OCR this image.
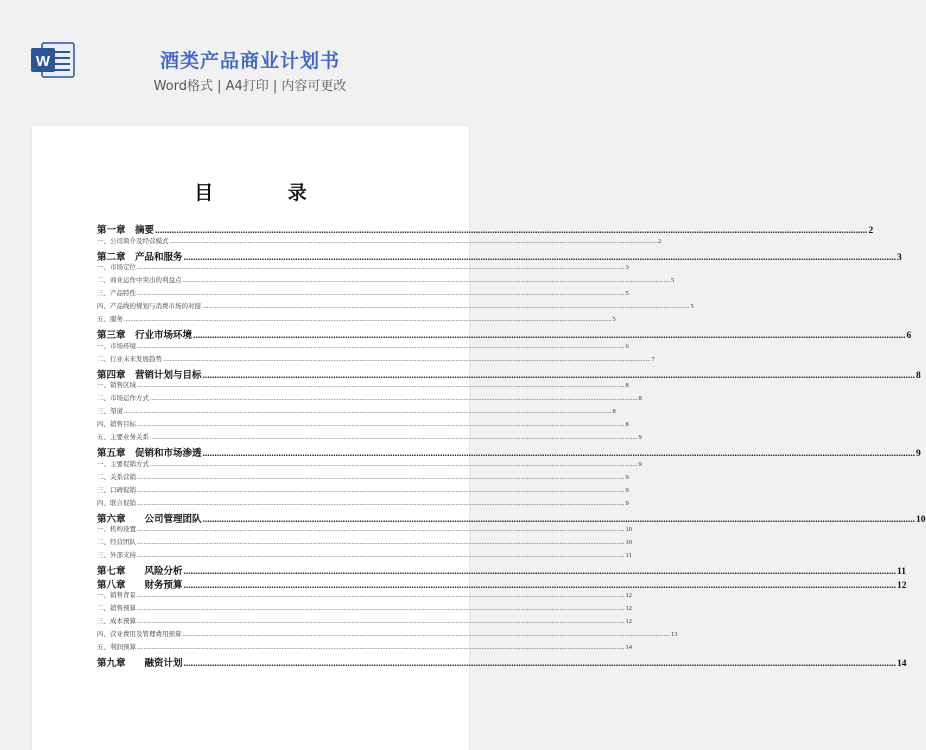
W	酒类产品商业计划书
Word格式 | A4打印 | 内容可更改
目 录
第一章　摘要 ............................................................................................................................................................................................................................................................................................................ 2
一、公司简介及经营模式 ............................................................................................................................................................................................................................................................................................................ 2
第二章　产品和服务 ............................................................................................................................................................................................................................................................................................................ 3
一、市场定位 ............................................................................................................................................................................................................................................................................................................ 3
二、商业运作中突出的利益点 ............................................................................................................................................................................................................................................................................................................ 5
三、产品特性 ............................................................................................................................................................................................................................................................................................................ 5
四、产品线的规划与消费市场的对接 ............................................................................................................................................................................................................................................................................................................ 5
五、服务 ............................................................................................................................................................................................................................................................................................................ 5
第三章　行业市场环境 ............................................................................................................................................................................................................................................................................................................ 6
一、市场环境 ............................................................................................................................................................................................................................................................................................................ 6
二、行业未来发展趋势 ............................................................................................................................................................................................................................................................................................................ 7
第四章　营销计划与目标 ............................................................................................................................................................................................................................................................................................................ 8
一、销售区域 ............................................................................................................................................................................................................................................................................................................ 8
二、市场运作方式 ............................................................................................................................................................................................................................................................................................................ 8
三、渠道 ............................................................................................................................................................................................................................................................................................................ 8
四、销售目标 ............................................................................................................................................................................................................................................................................................................ 8
五、主要业务关系 ............................................................................................................................................................................................................................................................................................................ 9
第五章　促销和市场渗透 ............................................................................................................................................................................................................................................................................................................ 9
一、主要促销方式 ............................................................................................................................................................................................................................................................................................................ 9
二、关系营销 ............................................................................................................................................................................................................................................................................................................ 9
三、口碑促销 ............................................................................................................................................................................................................................................................................................................ 9
四、联合促销 ............................................................................................................................................................................................................................................................................................................ 9
第六章　　公司管理团队 ............................................................................................................................................................................................................................................................................................................ 10
一、机构设置 ............................................................................................................................................................................................................................................................................................................ 10
二、经营团队 ............................................................................................................................................................................................................................................................................................................ 10
三、外部支持 ............................................................................................................................................................................................................................................................................................................ 11
第七章　　风险分析 ............................................................................................................................................................................................................................................................................................................ 11
第八章　　财务预算 ............................................................................................................................................................................................................................................................................................................ 12
一、销售背景 ............................................................................................................................................................................................................................................................................................................ 12
二、销售预算 ............................................................................................................................................................................................................................................................................................................ 12
三、成本预算 ............................................................................................................................................................................................................................................................................................................ 12
四、营业费用及管理费用预算 ............................................................................................................................................................................................................................................................................................................ 13
五、利润预算 ............................................................................................................................................................................................................................................................................................................ 14
第九章　　融资计划 ............................................................................................................................................................................................................................................................................................................ 14
